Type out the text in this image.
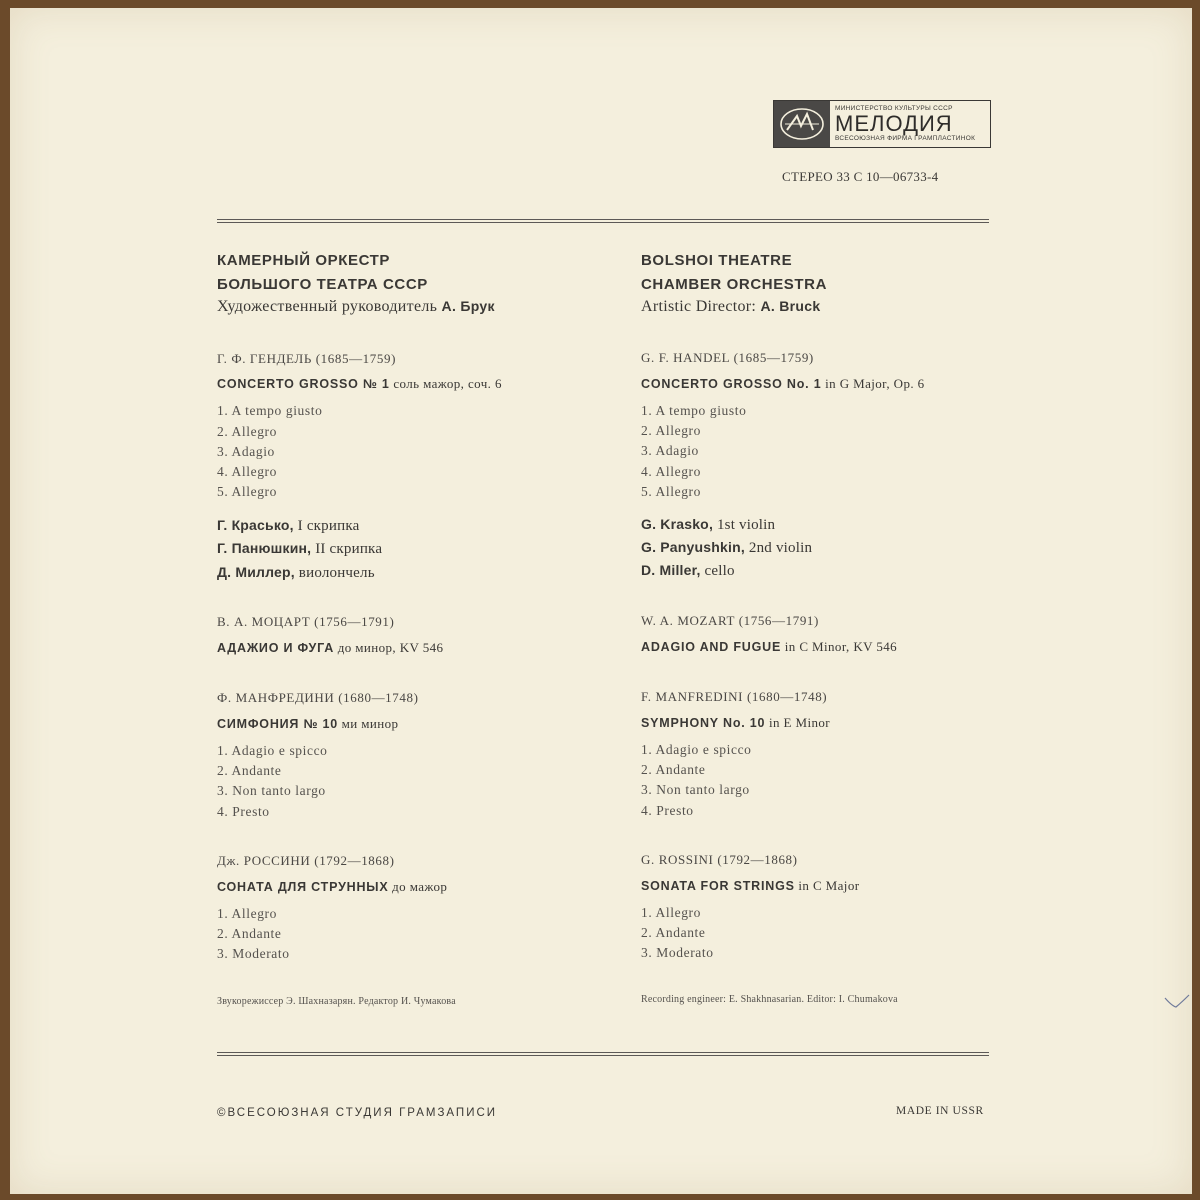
МИНИСТЕРСТВО КУЛЬТУРЫ СССР
МЕЛОДИЯ
ВСЕСОЮЗНАЯ ФИРМА ГРАМПЛАСТИНОК
СТЕРЕО 33 С 10—06733-4
КАМЕРНЫЙ ОРКЕСТР
БОЛЬШОГО ТЕАТРА СССР
Художественный руководитель А. Брук
Г. Ф. ГЕНДЕЛЬ (1685—1759)
CONCERTO GROSSO № 1 соль мажор, соч. 6
1. A tempo giusto
2. Allegro
3. Adagio
4. Allegro
5. Allegro
Г. Красько, I скрипка
Г. Панюшкин, II скрипка
Д. Миллер, виолончель
В. А. МОЦАРТ (1756—1791)
АДАЖИО И ФУГА до минор, KV 546
Ф. МАНФРЕДИНИ (1680—1748)
СИМФОНИЯ № 10 ми минор
1. Adagio e spicco
2. Andante
3. Non tanto largo
4. Presto
Дж. РОССИНИ (1792—1868)
СОНАТА ДЛЯ СТРУННЫХ до мажор
1. Allegro
2. Andante
3. Moderato
Звукорежиссер Э. Шахназарян. Редактор И. Чумакова
BOLSHOI THEATRE
CHAMBER ORCHESTRA
Artistic Director: A. Bruck
G. F. HANDEL (1685—1759)
CONCERTO GROSSO No. 1 in G Major, Op. 6
1. A tempo giusto
2. Allegro
3. Adagio
4. Allegro
5. Allegro
G. Krasko, 1st violin
G. Panyushkin, 2nd violin
D. Miller, cello
W. A. MOZART (1756—1791)
ADAGIO AND FUGUE in C Minor, KV 546
F. MANFREDINI (1680—1748)
SYMPHONY No. 10 in E Minor
1. Adagio e spicco
2. Andante
3. Non tanto largo
4. Presto
G. ROSSINI (1792—1868)
SONATA FOR STRINGS in C Major
1. Allegro
2. Andante
3. Moderato
Recording engineer: E. Shakhnasarian. Editor: I. Chumakova
©ВСЕСОЮЗНАЯ СТУДИЯ ГРАМЗАПИСИ	MADE IN USSR
